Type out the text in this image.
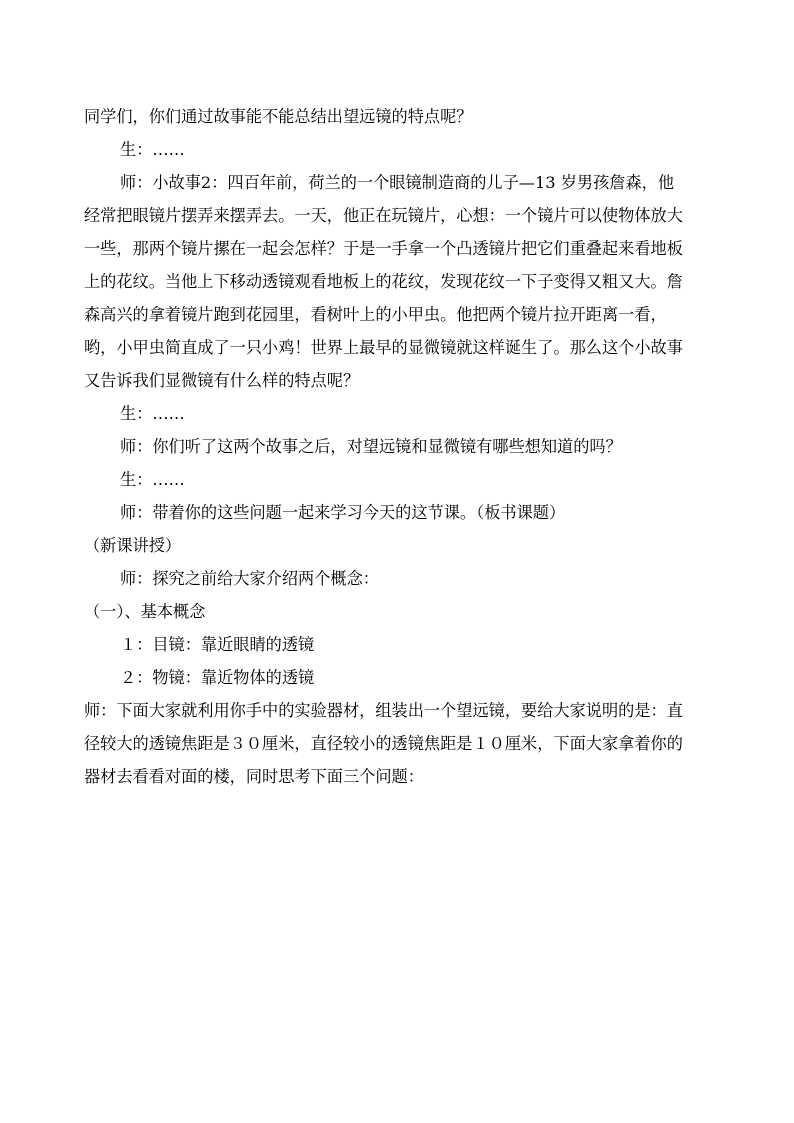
同学们，你们通过故事能不能总结出望远镜的特点呢？

生：……

师：小故事2：四百年前，荷兰的一个眼镜制造商的儿子—13 岁男孩詹森，他经常把眼镜片摆弄来摆弄去。一天，他正在玩镜片，心想：一个镜片可以使物体放大一些，那两个镜片摞在一起会怎样？于是一手拿一个凸透镜片把它们重叠起来看地板上的花纹。当他上下移动透镜观看地板上的花纹，发现花纹一下子变得又粗又大。詹森高兴的拿着镜片跑到花园里，看树叶上的小甲虫。他把两个镜片拉开距离一看，哟，小甲虫简直成了一只小鸡！世界上最早的显微镜就这样诞生了。那么这个小故事又告诉我们显微镜有什么样的特点呢？

生：……

师：你们听了这两个故事之后，对望远镜和显微镜有哪些想知道的吗？

生：……

师：带着你的这些问题一起来学习今天的这节课。（板书课题）

（新课讲授）

师：探究之前给大家介绍两个概念：

（一）、基本概念

１：目镜：靠近眼睛的透镜

２：物镜：靠近物体的透镜

师：下面大家就利用你手中的实验器材，组装出一个望远镜，要给大家说明的是：直径较大的透镜焦距是３０厘米，直径较小的透镜焦距是１０厘米，下面大家拿着你的器材去看看对面的楼，同时思考下面三个问题：
